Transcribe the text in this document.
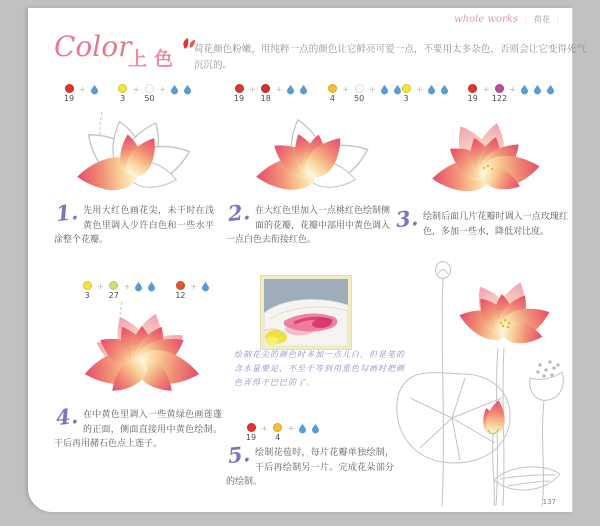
whole works ｜ 荷花 ｜
Color
上色 荷花颜色粉嫩，用纯粹一点的颜色让它鲜亮可爱一点，不要用太多杂色，否则会让它变得死气沉沉的。

19
+
3
+
50
+
19
+
18
+
4
+
50
+
3
+
19
+
122
+
1. 先用大红色画花尖，未干时在浅黄色里调入少许白色和一些水平涂整个花瓣。
2. 在大红色里加入一点桃红色绘制侧面的花瓣，花瓣中部用中黄色调入一点白色去衔接红色。
3. 绘制后面几片花瓣时调入一点玫瑰红色，多加一些水，降低对比度。
3
+
27
+
12
+
4. 在中黄色里调入一些黄绿色画莲蓬的正面，侧面直接用中黄色绘制。干后再用赭石色点上莲子。

绘制花尖的颜色时多加一点儿白，但是笔的含水量要足，不至于等到用重色勾画时把颜色弄得干巴巴的了。

19
+
4
+
5. 绘制花苞时，每片花瓣单独绘制，干后再绘制另一片。完成花朵部分的绘制。
137
